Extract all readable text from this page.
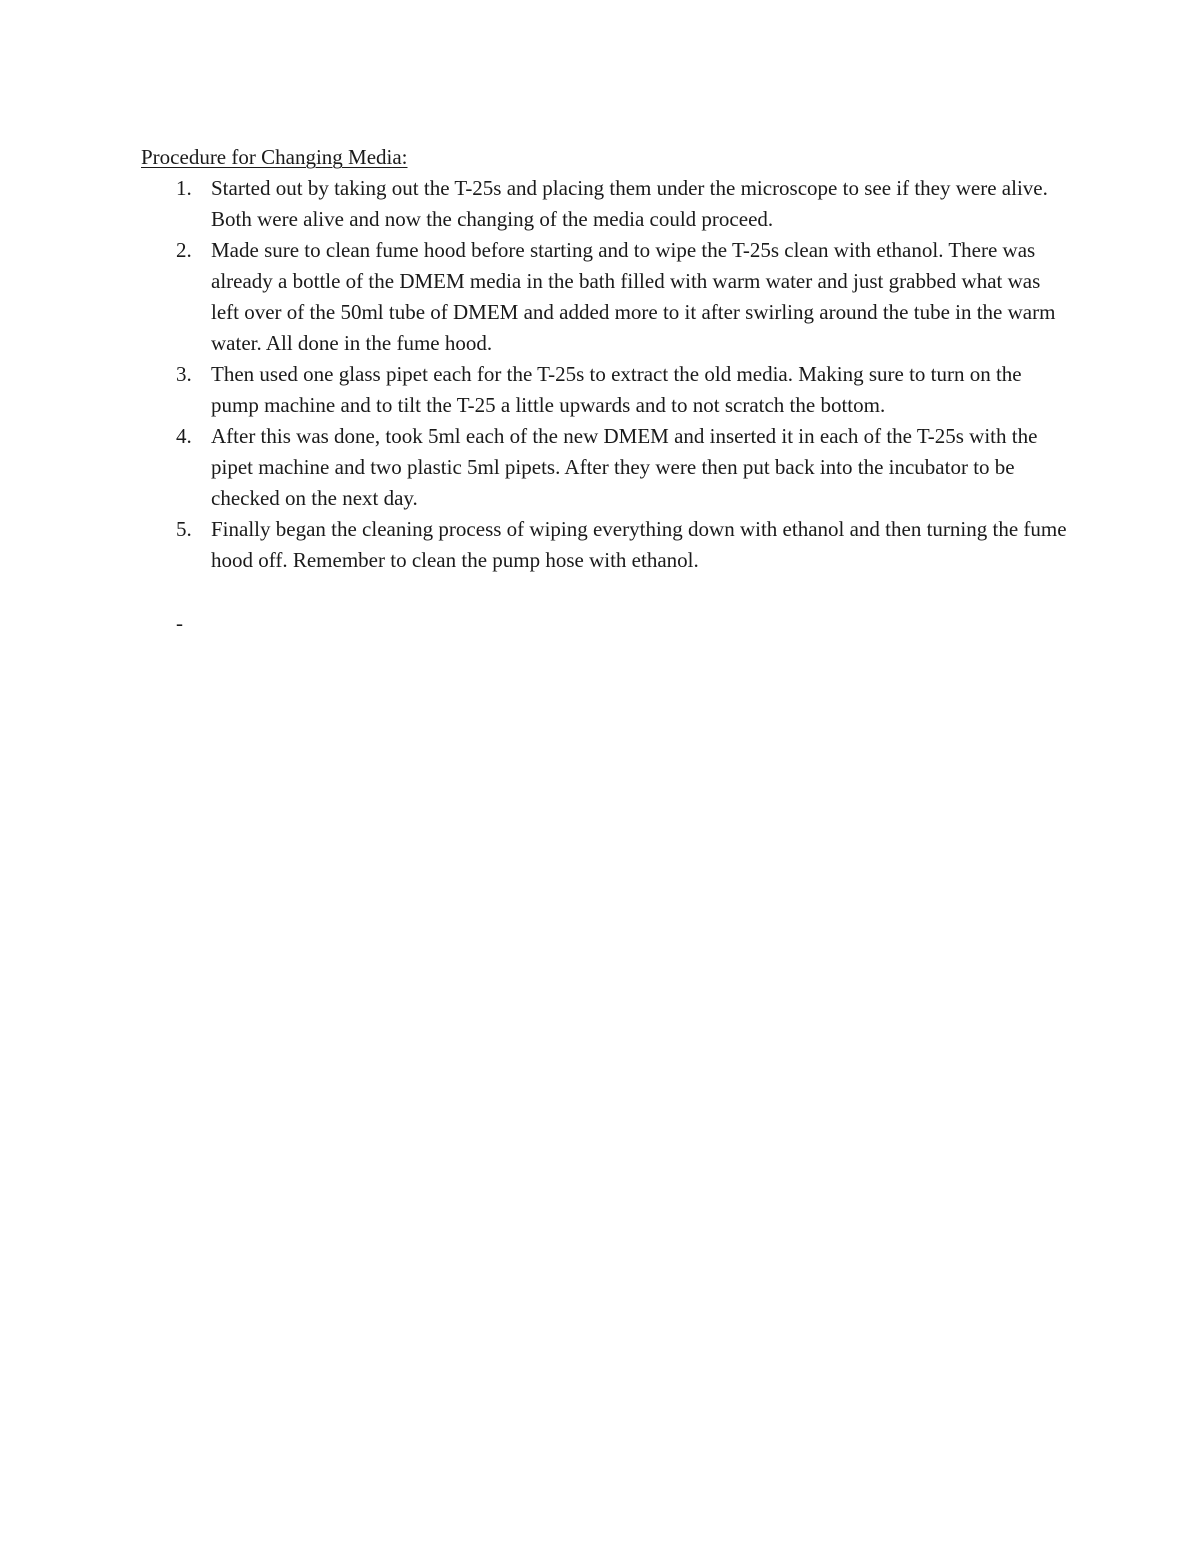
Procedure for Changing Media:
1. Started out by taking out the T-25s and placing them under the microscope to see if they were alive. Both were alive and now the changing of the media could proceed.
2. Made sure to clean fume hood before starting and to wipe the T-25s clean with ethanol. There was already a bottle of the DMEM media in the bath filled with warm water and just grabbed what was left over of the 50ml tube of DMEM and added more to it after swirling around the tube in the warm water. All done in the fume hood.
3. Then used one glass pipet each for the T-25s to extract the old media. Making sure to turn on the pump machine and to tilt the T-25 a little upwards and to not scratch the bottom.
4. After this was done, took 5ml each of the new DMEM and inserted it in each of the T-25s with the pipet machine and two plastic 5ml pipets. After they were then put back into the incubator to be checked on the next day.
5. Finally began the cleaning process of wiping everything down with ethanol and then turning the fume hood off. Remember to clean the pump hose with ethanol.
-
